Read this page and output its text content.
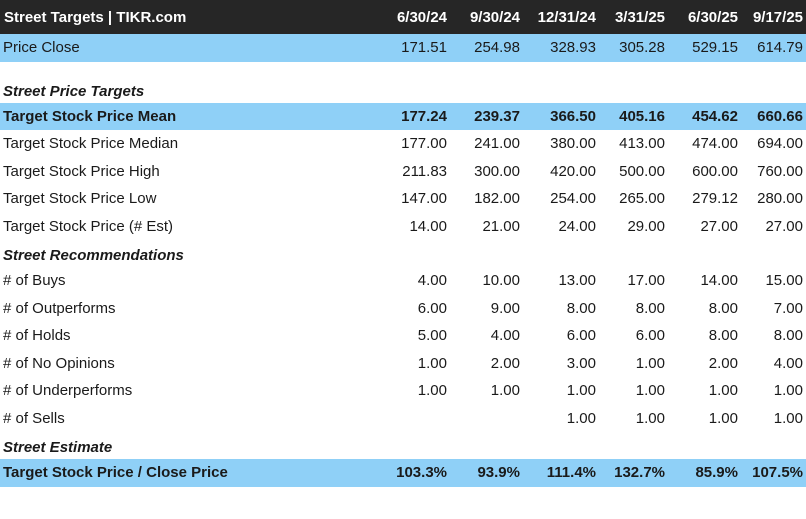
Street Targets | TIKR.com	6/30/24	9/30/24	12/31/24	3/31/25	6/30/25	9/17/25
Price Close	171.51	254.98	328.93	305.28	529.15	614.79

Street Price Targets						
Target Stock Price Mean	177.24	239.37	366.50	405.16	454.62	660.66
Target Stock Price Median	177.00	241.00	380.00	413.00	474.00	694.00
Target Stock Price High	211.83	300.00	420.00	500.00	600.00	760.00
Target Stock Price Low	147.00	182.00	254.00	265.00	279.12	280.00
Target Stock Price (# Est)	14.00	21.00	24.00	29.00	27.00	27.00
Street Recommendations						
# of Buys	4.00	10.00	13.00	17.00	14.00	15.00
# of Outperforms	6.00	9.00	8.00	8.00	8.00	7.00
# of Holds	5.00	4.00	6.00	6.00	8.00	8.00
# of No Opinions	1.00	2.00	3.00	1.00	2.00	4.00
# of Underperforms	1.00	1.00	1.00	1.00	1.00	1.00
# of Sells			1.00	1.00	1.00	1.00
Street Estimate						
Target Stock Price / Close Price	103.3%	93.9%	111.4%	132.7%	85.9%	107.5%
